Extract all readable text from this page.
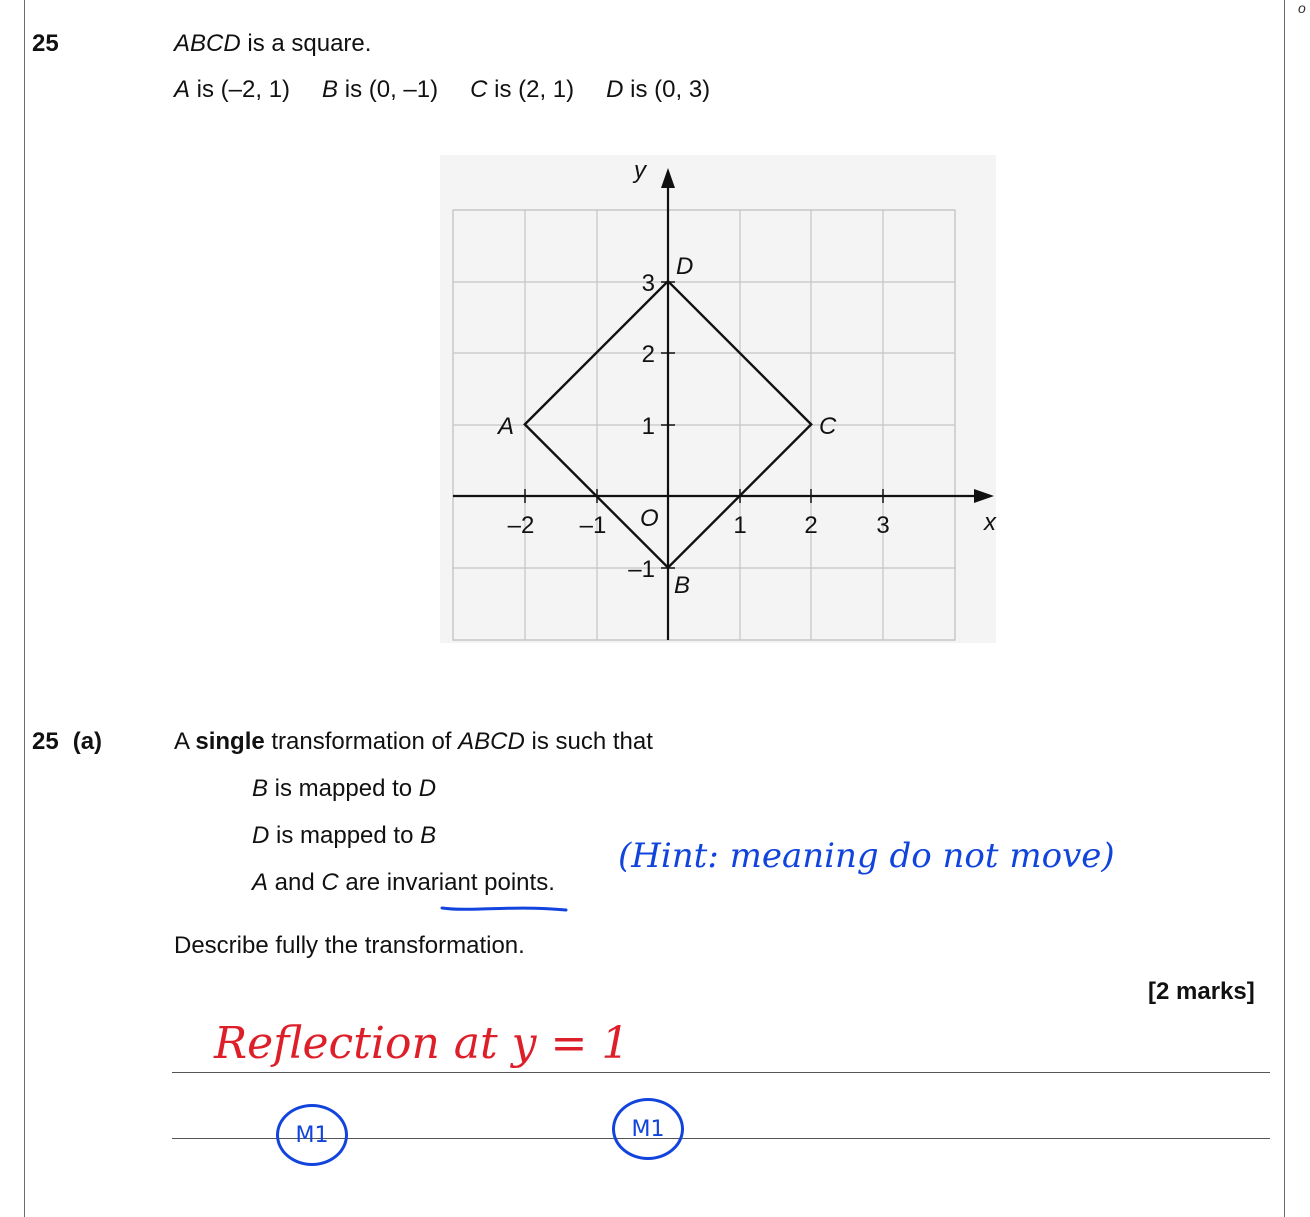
o
25	ABCD is a square.
A is (–2, 1) B is (0, –1) C is (2, 1) D is (0, 3)
–2 –1	1 2 3
3
2
1
–1
x
y
O
A
B
C
D
25 (a)	A single transformation of ABCD is such that
B is mapped to D
D is mapped to B
A and C are invariant points.
Describe fully the transformation.
[2 marks]
(Hint: meaning do not move)
Reflection at y = 1
M1	M1
